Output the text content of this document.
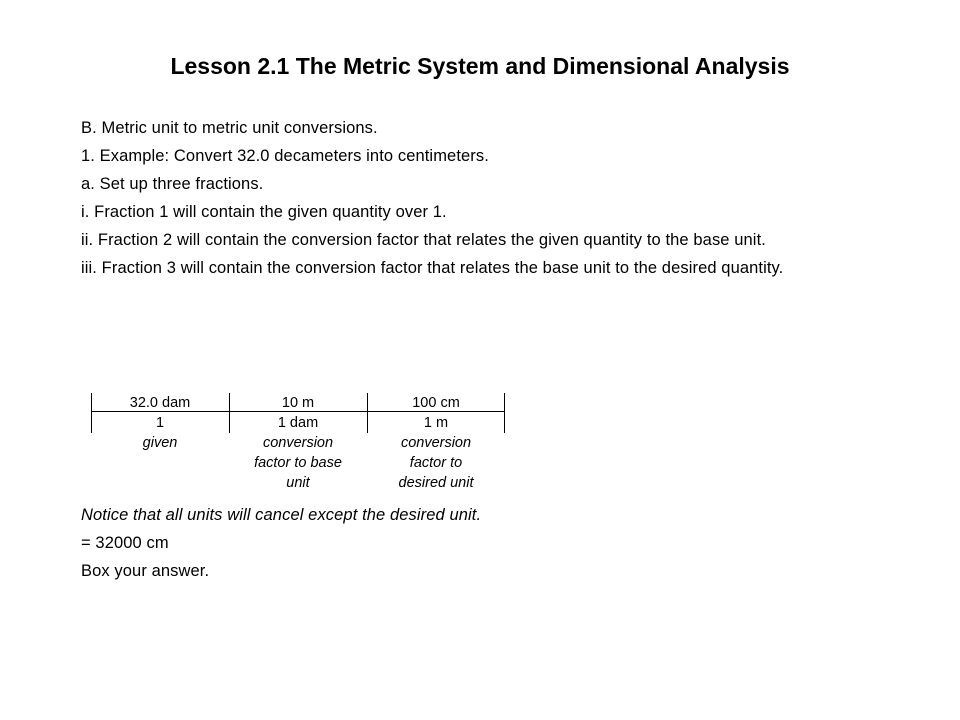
Lesson 2.1 The Metric System and Dimensional Analysis
B. Metric unit to metric unit conversions.
1. Example: Convert 32.0 decameters into centimeters.
a. Set up three fractions.
i. Fraction 1 will contain the given quantity over 1.
ii. Fraction 2 will contain the conversion factor that relates the given quantity to the base unit.
iii. Fraction 3 will contain the conversion factor that relates the base unit to the desired quantity.
32.0 dam
1
given
10 m
1 dam
conversion
factor to base
unit
100 cm
1 m
conversion
factor to
desired unit
Notice that all units will cancel except the desired unit.
= 32000 cm
Box your answer.
